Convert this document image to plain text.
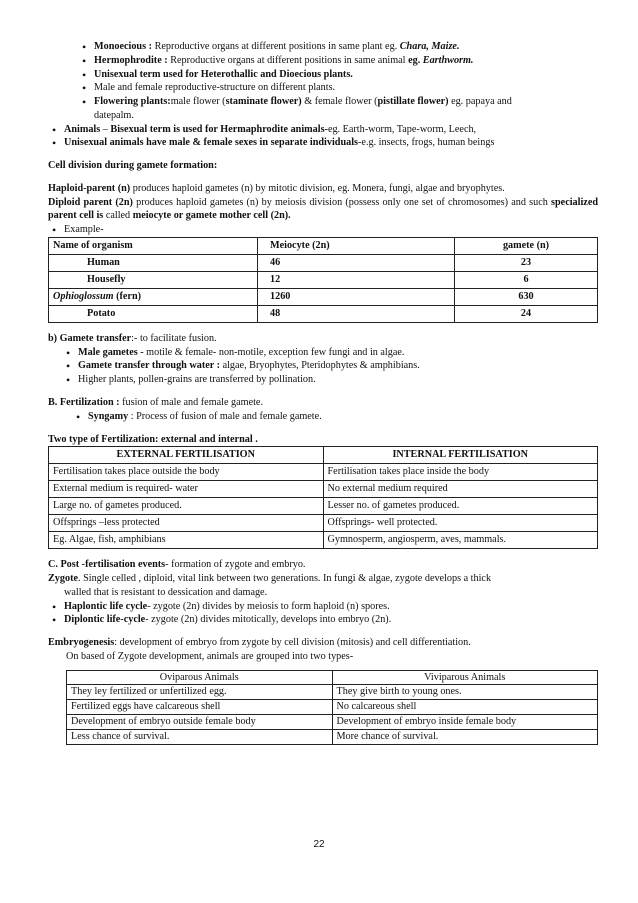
• Monoecious : Reproductive organs at different positions in same plant eg. Chara, Maize.
• Hermophrodite : Reproductive organs at different positions in same animal eg. Earthworm.
• Unisexual term used for Heterothallic and Dioecious plants.
• Male and female reproductive-structure on different plants.
• Flowering plants:male flower (staminate flower) & female flower (pistillate flower) eg. papaya and
datepalm.
• Animals – Bisexual term is used for Hermaphrodite animals-eg. Earth-worm, Tape-worm, Leech,
• Unisexual animals have male & female sexes in separate individuals-e.g. insects, frogs, human beings

Cell division during gamete formation:

Haploid-parent (n) produces haploid gametes (n) by mitotic division, eg. Monera, fungi, algae and bryophytes.

Diploid parent (2n) produces haploid gametes (n) by meiosis division (possess only one set of chromosomes) and such specialized parent cell is called meiocyte or gamete mother cell (2n).

• Example-
Name of organism	Meiocyte (2n)	gamete (n)
Human	46	23
Housefly	12	6
Ophioglossum (fern)	1260	630
Potato	48	24

b) Gamete transfer:- to facilitate fusion.

• Male gametes - motile & female- non-motile, exception few fungi and in algae.
• Gamete transfer through water : algae, Bryophytes, Pteridophytes & amphibians.
• Higher plants, pollen-grains are transferred by pollination.

B. Fertilization : fusion of male and female gamete.

• Syngamy : Process of fusion of male and female gamete.

Two type of Fertilization: external and internal .

EXTERNAL FERTILISATION	INTERNAL FERTILISATION
Fertilisation takes place outside the body	Fertilisation takes place inside the body
External medium is required- water	No external medium required
Large no. of gametes produced.	Lesser no. of gametes produced.
Offsprings –less protected	Offsprings- well protected.
Eg. Algae, fish, amphibians	Gymnosperm, angiosperm, aves, mammals.

C. Post -fertilisation events- formation of zygote and embryo.

Zygote. Single celled , diploid, vital link between two generations. In fungi & algae, zygote develops a thick

walled that is resistant to dessication and damage.

• Haplontic life cycle- zygote (2n) divides by meiosis to form haploid (n) spores.
• Diplontic life-cycle- zygote (2n) divides mitotically, develops into embryo (2n).

Embryogenesis: development of embryo from zygote by cell division (mitosis) and cell differentiation.

On based of Zygote development, animals are grouped into two types-

Oviparous Animals	Viviparous Animals
They ley fertilized or unfertilized egg.	They give birth to young ones.
Fertilized eggs have calcareous shell	No calcareous shell
Development of embryo outside female body	Development of embryo inside female body
Less chance of survival.	More chance of survival.
22
